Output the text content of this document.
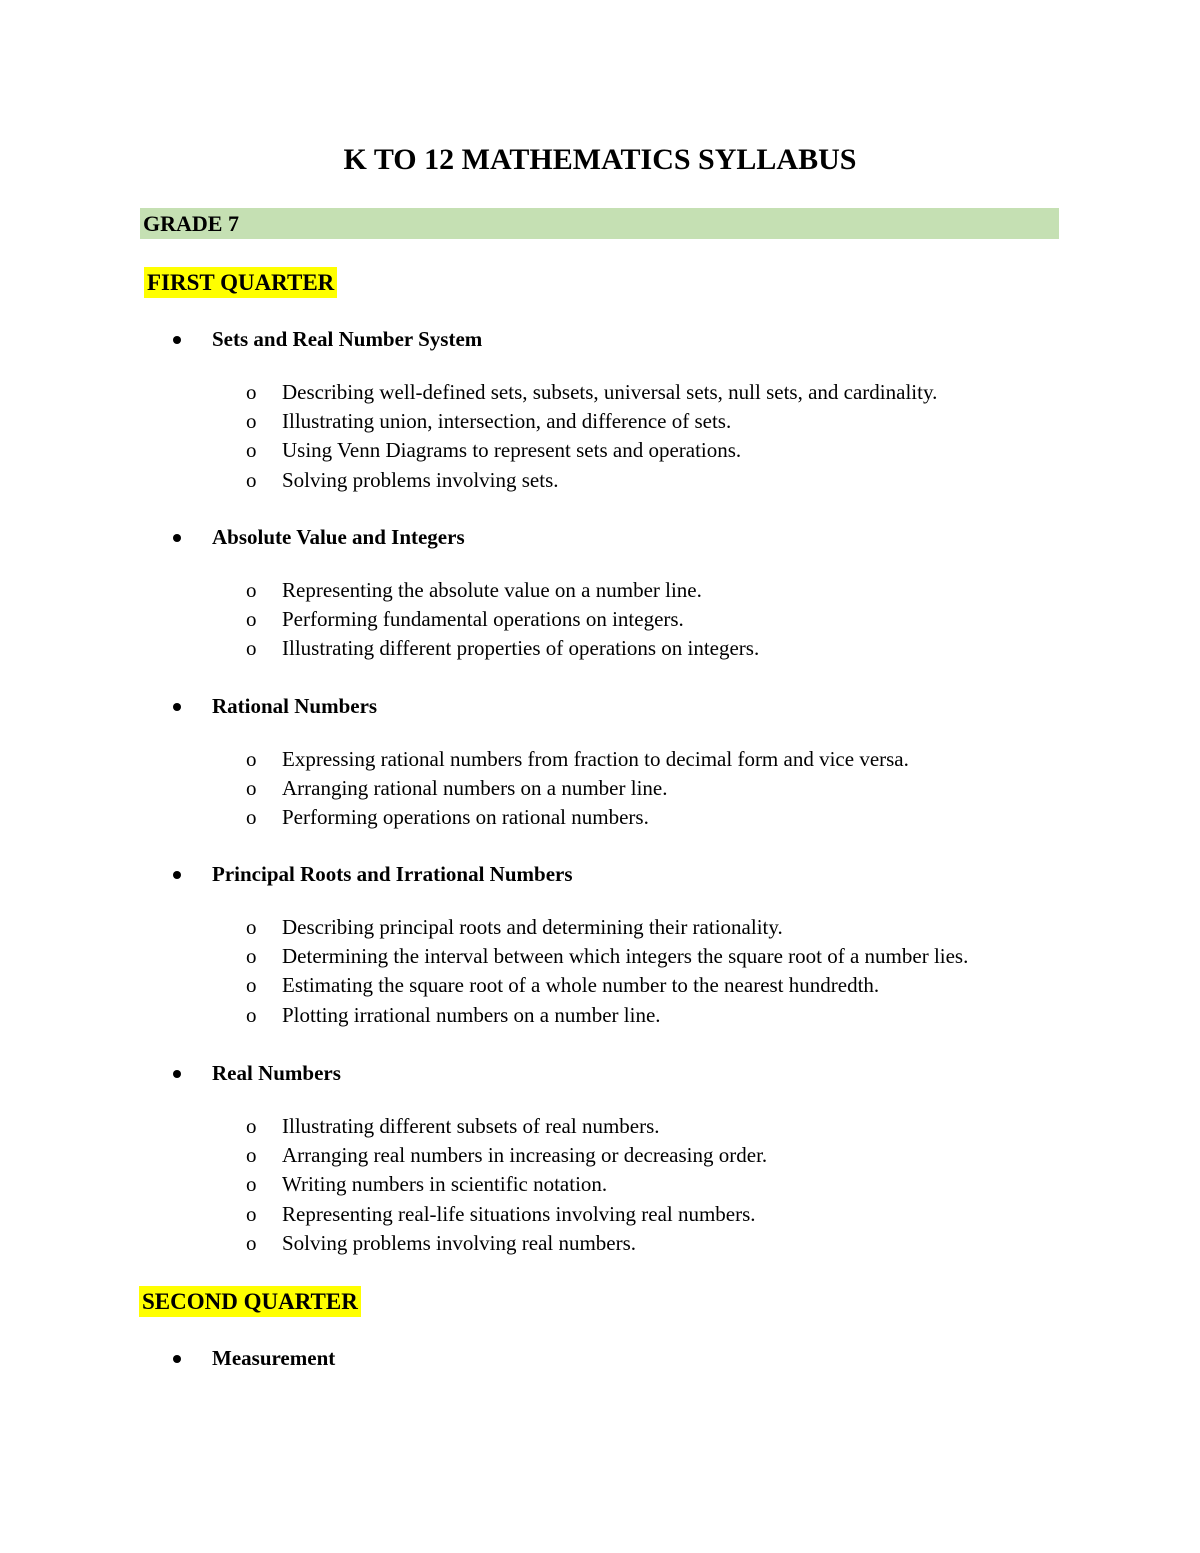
K TO 12 MATHEMATICS SYLLABUS
GRADE 7
FIRST QUARTER
Sets and Real Number System
o Describing well-defined sets, subsets, universal sets, null sets, and cardinality.
o Illustrating union, intersection, and difference of sets.
o Using Venn Diagrams to represent sets and operations.
o Solving problems involving sets.
Absolute Value and Integers
o Representing the absolute value on a number line.
o Performing fundamental operations on integers.
o Illustrating different properties of operations on integers.
Rational Numbers
o Expressing rational numbers from fraction to decimal form and vice versa.
o Arranging rational numbers on a number line.
o Performing operations on rational numbers.
Principal Roots and Irrational Numbers
o Describing principal roots and determining their rationality.
o Determining the interval between which integers the square root of a number lies.
o Estimating the square root of a whole number to the nearest hundredth.
o Plotting irrational numbers on a number line.
Real Numbers
o Illustrating different subsets of real numbers.
o Arranging real numbers in increasing or decreasing order.
o Writing numbers in scientific notation.
o Representing real-life situations involving real numbers.
o Solving problems involving real numbers.
SECOND QUARTER
Measurement
